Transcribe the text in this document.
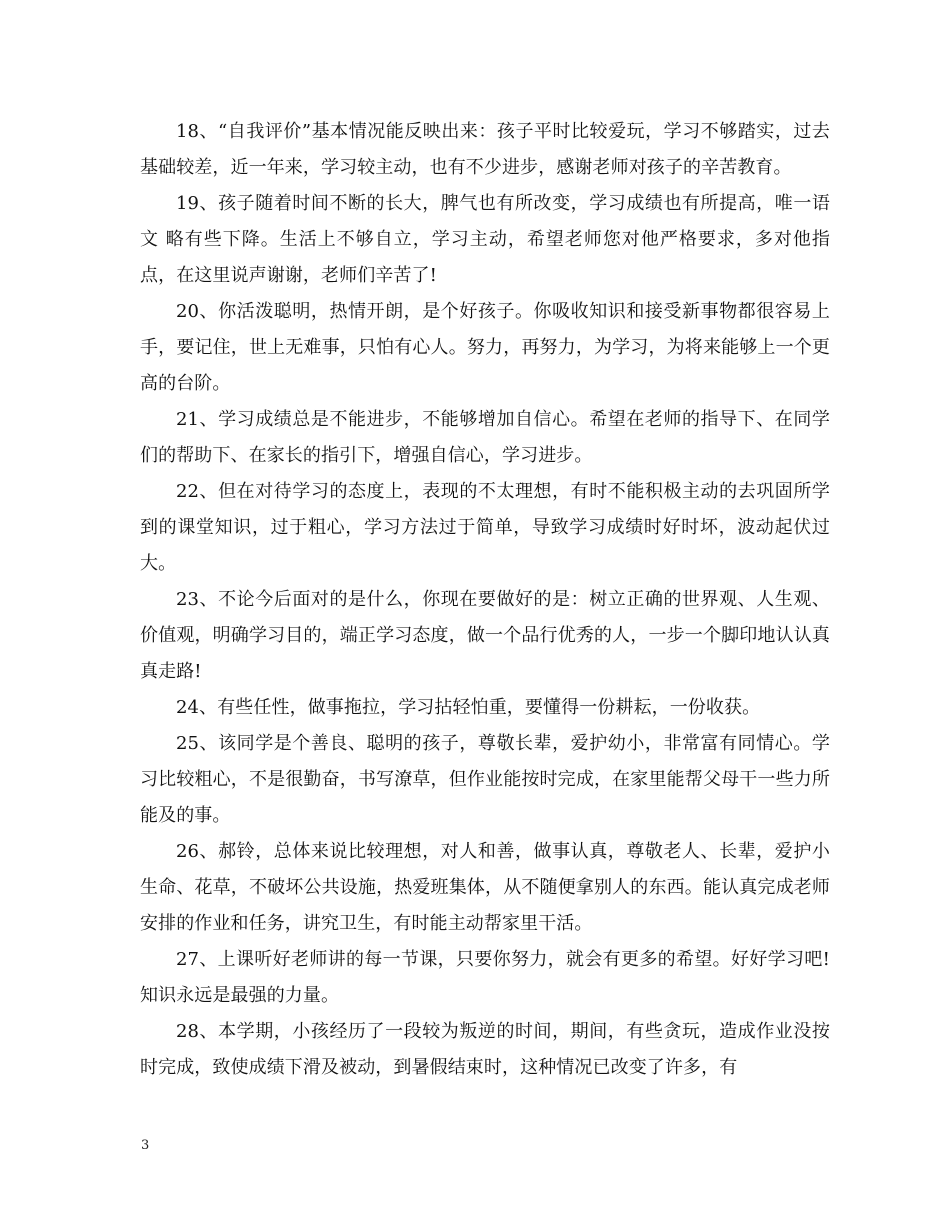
18、“自我评价”基本情况能反映出来：孩子平时比较爱玩，学习不够踏实，过去基础较差，近一年来，学习较主动，也有不少进步，感谢老师对孩子的辛苦教育。

19、孩子随着时间不断的长大，脾气也有所改变，学习成绩也有所提高，唯一语文 略有些下降。生活上不够自立，学习主动，希望老师您对他严格要求，多对他指点，在这里说声谢谢，老师们辛苦了!

20、你活泼聪明，热情开朗，是个好孩子。你吸收知识和接受新事物都很容易上手，要记住，世上无难事，只怕有心人。努力，再努力，为学习，为将来能够上一个更高的台阶。

21、学习成绩总是不能进步，不能够增加自信心。希望在老师的指导下、在同学们的帮助下、在家长的指引下，增强自信心，学习进步。

22、但在对待学习的态度上，表现的不太理想，有时不能积极主动的去巩固所学到的课堂知识，过于粗心，学习方法过于简单，导致学习成绩时好时坏，波动起伏过大。

23、不论今后面对的是什么，你现在要做好的是：树立正确的世界观、人生观、价值观，明确学习目的，端正学习态度，做一个品行优秀的人，一步一个脚印地认认真真走路!

24、有些任性，做事拖拉，学习拈轻怕重，要懂得一份耕耘，一份收获。

25、该同学是个善良、聪明的孩子，尊敬长辈，爱护幼小，非常富有同情心。学习比较粗心，不是很勤奋，书写潦草，但作业能按时完成，在家里能帮父母干一些力所能及的事。

26、郝铃，总体来说比较理想，对人和善，做事认真，尊敬老人、长辈，爱护小生命、花草，不破坏公共设施，热爱班集体，从不随便拿别人的东西。能认真完成老师安排的作业和任务，讲究卫生，有时能主动帮家里干活。

27、上课听好老师讲的每一节课，只要你努力，就会有更多的希望。好好学习吧!知识永远是最强的力量。

28、本学期，小孩经历了一段较为叛逆的时间，期间，有些贪玩，造成作业没按时完成，致使成绩下滑及被动，到暑假结束时，这种情况已改变了许多，有

3
